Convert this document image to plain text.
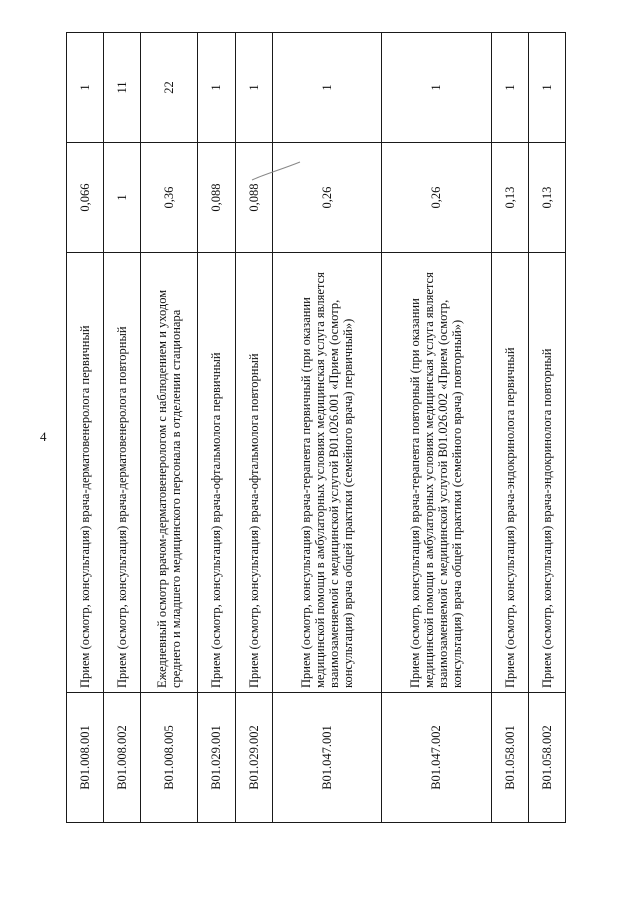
4
B01.008.001	Прием (осмотр, консультация) врача-дерматовенеролога первичный	0,066	1
B01.008.002	Прием (осмотр, консультация) врача-дерматовенеролога повторный	1	11
B01.008.005	Ежедневный осмотр врачом-дерматовенерологом с наблюдением и уходом среднего и младшего медицинского персонала в отделении стационара	0,36	22
B01.029.001	Прием (осмотр, консультация) врача-офтальмолога первичный	0,088	1
B01.029.002	Прием (осмотр, консультация) врача-офтальмолога повторный	0,088	1
B01.047.001	Прием (осмотр, консультация) врача-терапевта первичный (при оказании медицинской помощи в амбулаторных условиях медицинская услуга является взаимозаменяемой с медицинской услугой B01.026.001 «Прием (осмотр, консультация) врача общей практики (семейного врача) первичный»)	0,26	1
B01.047.002	Прием (осмотр, консультация) врача-терапевта повторный (при оказании медицинской помощи в амбулаторных условиях медицинская услуга является взаимозаменяемой с медицинской услугой B01.026.002 «Прием (осмотр, консультация) врача общей практики (семейного врача) повторный»)	0,26	1
B01.058.001	Прием (осмотр, консультация) врача-эндокринолога первичный	0,13	1
B01.058.002	Прием (осмотр, консультация) врача-эндокринолога повторный	0,13	1
